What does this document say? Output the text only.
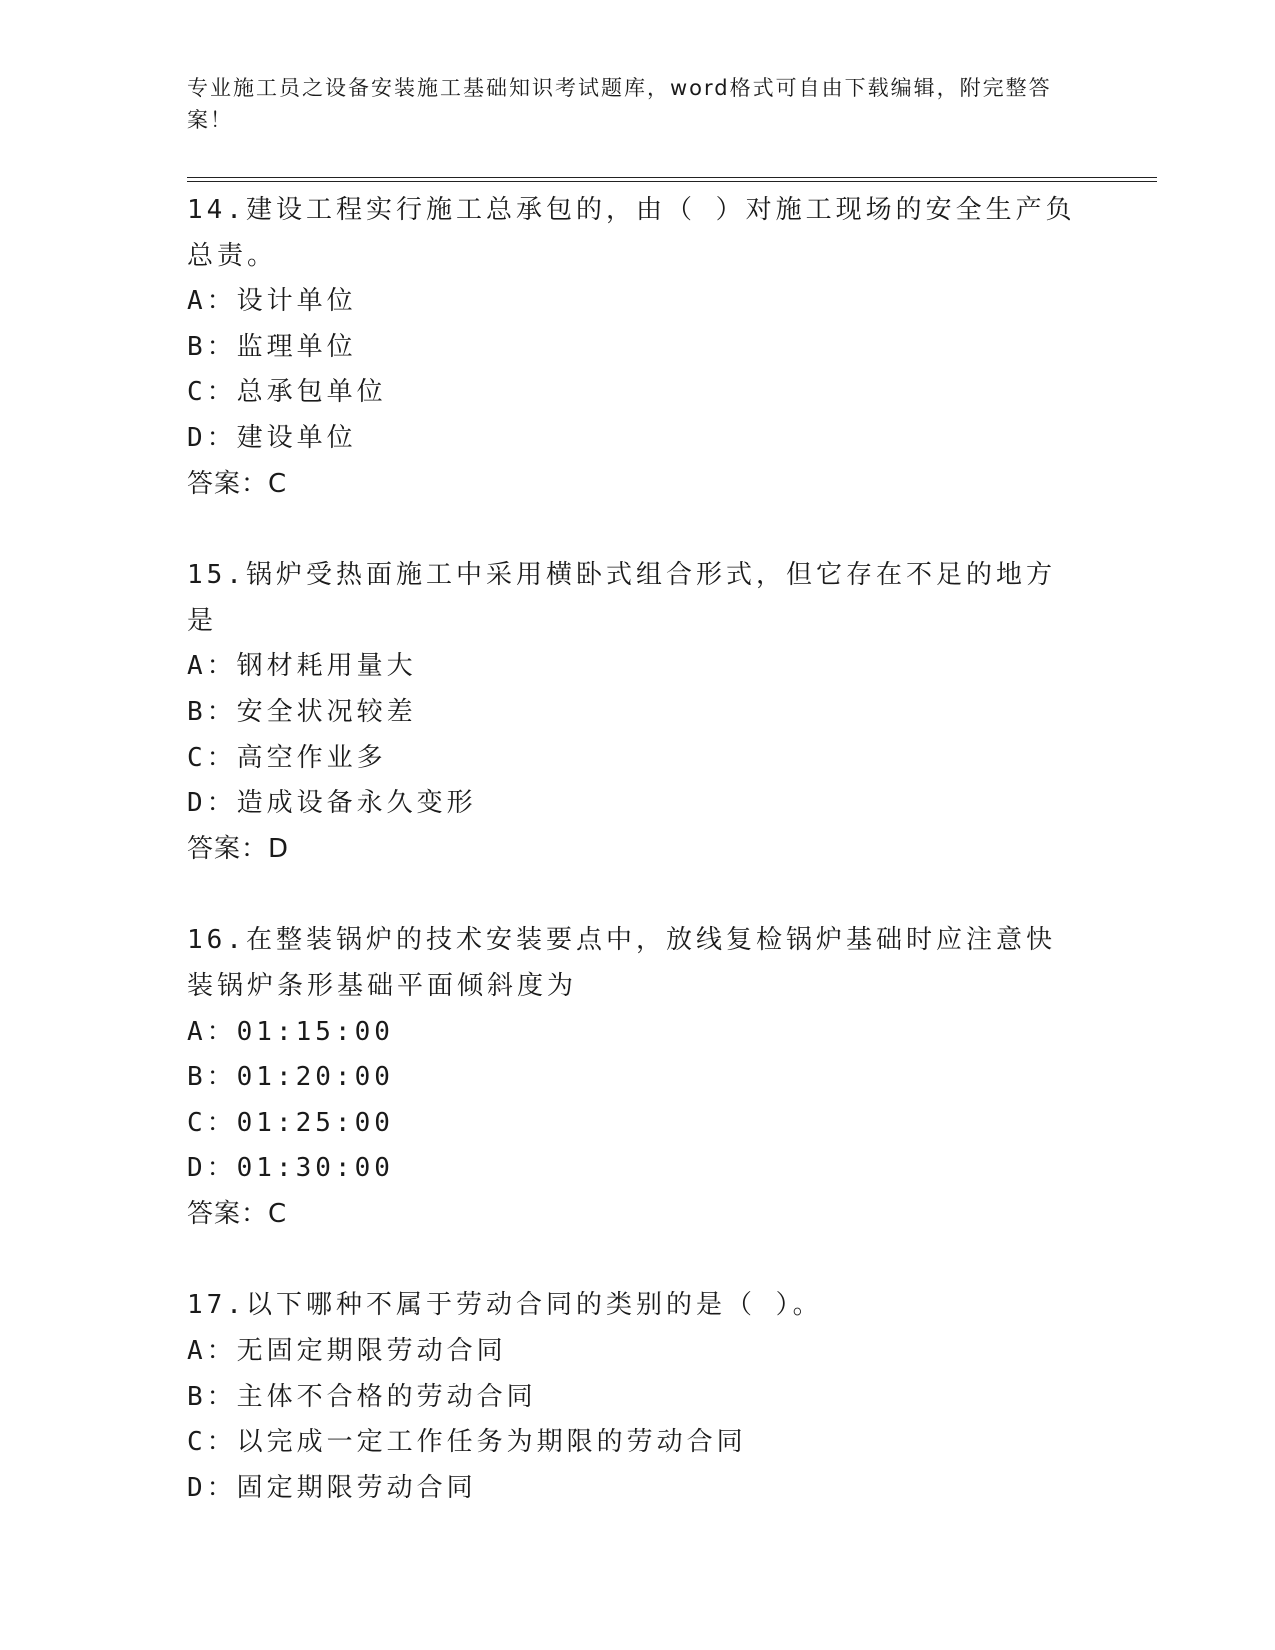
专业施工员之设备安装施工基础知识考试题库，word格式可自由下载编辑，附完整答案！
14.建设工程实行施工总承包的，由（ ）对施工现场的安全生产负总责。
A：设计单位
B：监理单位
C：总承包单位
D：建设单位
答案：C
15.锅炉受热面施工中采用横卧式组合形式，但它存在不足的地方是
A：钢材耗用量大
B：安全状况较差
C：高空作业多
D：造成设备永久变形
答案：D
16.在整装锅炉的技术安装要点中，放线复检锅炉基础时应注意快装锅炉条形基础平面倾斜度为
A：01:15:00
B：01:20:00
C：01:25:00
D：01:30:00
答案：C
17.以下哪种不属于劳动合同的类别的是（ ）。
A：无固定期限劳动合同
B：主体不合格的劳动合同
C：以完成一定工作任务为期限的劳动合同
D：固定期限劳动合同
